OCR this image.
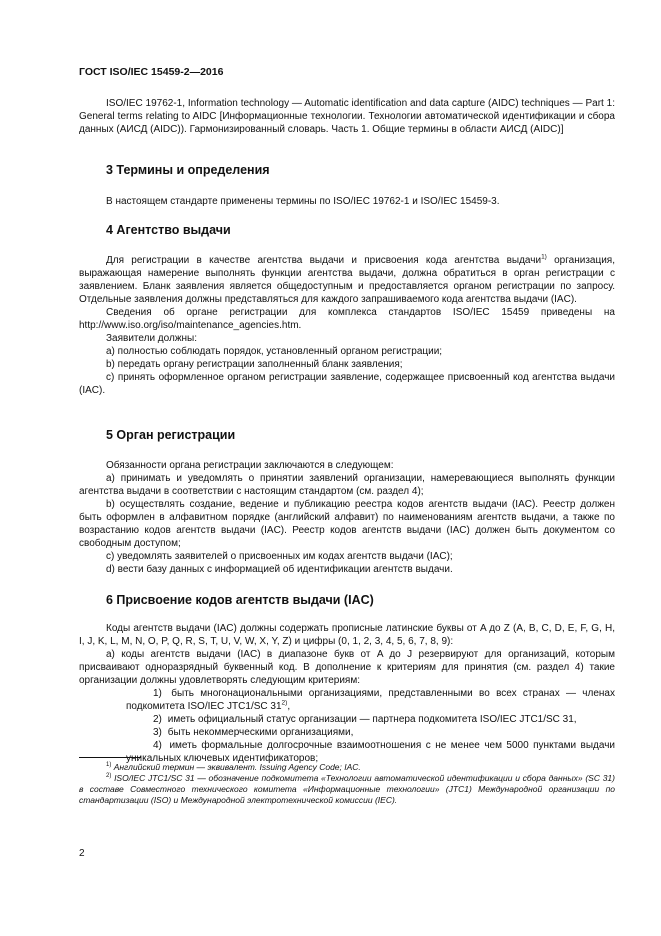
ГОСТ ISO/IEC 15459-2—2016

ISO/IEC 19762-1, Information technology — Automatic identification and data capture (AIDC) techniques — Part 1: General terms relating to AIDC [Информационные технологии. Технологии автоматической идентификации и сбора данных (АИСД (AIDC)). Гармонизированный словарь. Часть 1. Общие термины в области АИСД (AIDC)]

3 Термины и определения

В настоящем стандарте применены термины по ISO/IEC 19762-1 и ISO/IEC 15459-3.

4 Агентство выдачи

Для регистрации в качестве агентства выдачи и присвоения кода агентства выдачи$^{1)}$ организация, выражающая намерение выполнять функции агентства выдачи, должна обратиться в орган регистрации с заявлением. Бланк заявления является общедоступным и предоставляется органом регистрации по запросу. Отдельные заявления должны представляться для каждого запрашиваемого кода агентства выдачи (IAC).

Сведения об органе регистрации для комплекса стандартов ISO/IEC 15459 приведены на http://www.iso.org/iso/maintenance_agencies.htm.

Заявители должны:

a) полностью соблюдать порядок, установленный органом регистрации;

b) передать органу регистрации заполненный бланк заявления;

c) принять оформленное органом регистрации заявление, содержащее присвоенный код агентства выдачи (IAC).

5 Орган регистрации

Обязанности органа регистрации заключаются в следующем:

a) принимать и уведомлять о принятии заявлений организации, намеревающиеся выполнять функции агентства выдачи в соответствии с настоящим стандартом (см. раздел 4);

b) осуществлять создание, ведение и публикацию реестра кодов агентств выдачи (IAC). Реестр должен быть оформлен в алфавитном порядке (английский алфавит) по наименованиям агентств выдачи, а также по возрастанию кодов агентств выдачи (IAC). Реестр кодов агентств выдачи (IAC) должен быть документом со свободным доступом;

c) уведомлять заявителей о присвоенных им кодах агентств выдачи (IAC);

d) вести базу данных с информацией об идентификации агентств выдачи.

6 Присвоение кодов агентств выдачи (IAC)

Коды агентств выдачи (IAC) должны содержать прописные латинские буквы от A до Z (A, B, C, D, E, F, G, H, I, J, K, L, M, N, O, P, Q, R, S, T, U, V, W, X, Y, Z) и цифры (0, 1, 2, 3, 4, 5, 6, 7, 8, 9):

a) коды агентств выдачи (IAC) в диапазоне букв от A до J резервируют для организаций, которым присваивают одноразрядный буквенный код. В дополнение к критериям для принятия (см. раздел 4) такие организации должны удовлетворять следующим критериям:

1) быть многонациональными организациями, представленными во всех странах — членах подкомитета ISO/IEC JTC1/SC 31$^{2)}$,

2) иметь официальный статус организации — партнера подкомитета ISO/IEC JTC1/SC 31,

3) быть некоммерческими организациями,

4) иметь формальные долгосрочные взаимоотношения с не менее чем 5000 пунктами выдачи уникальных ключевых идентификаторов;

$^{1)}$ Английский термин — эквивалент. Issuing Agency Code; IAC.

$^{2)}$ ISO/IEC JTC1/SC 31 — обозначение подкомитета «Технологии автоматической идентификации и сбора данных» (SC 31) в составе Совместного технического комитета «Информационные технологии» (JTC1) Международной организации по стандартизации (ISO) и Международной электротехнической комиссии (IEC).

2
